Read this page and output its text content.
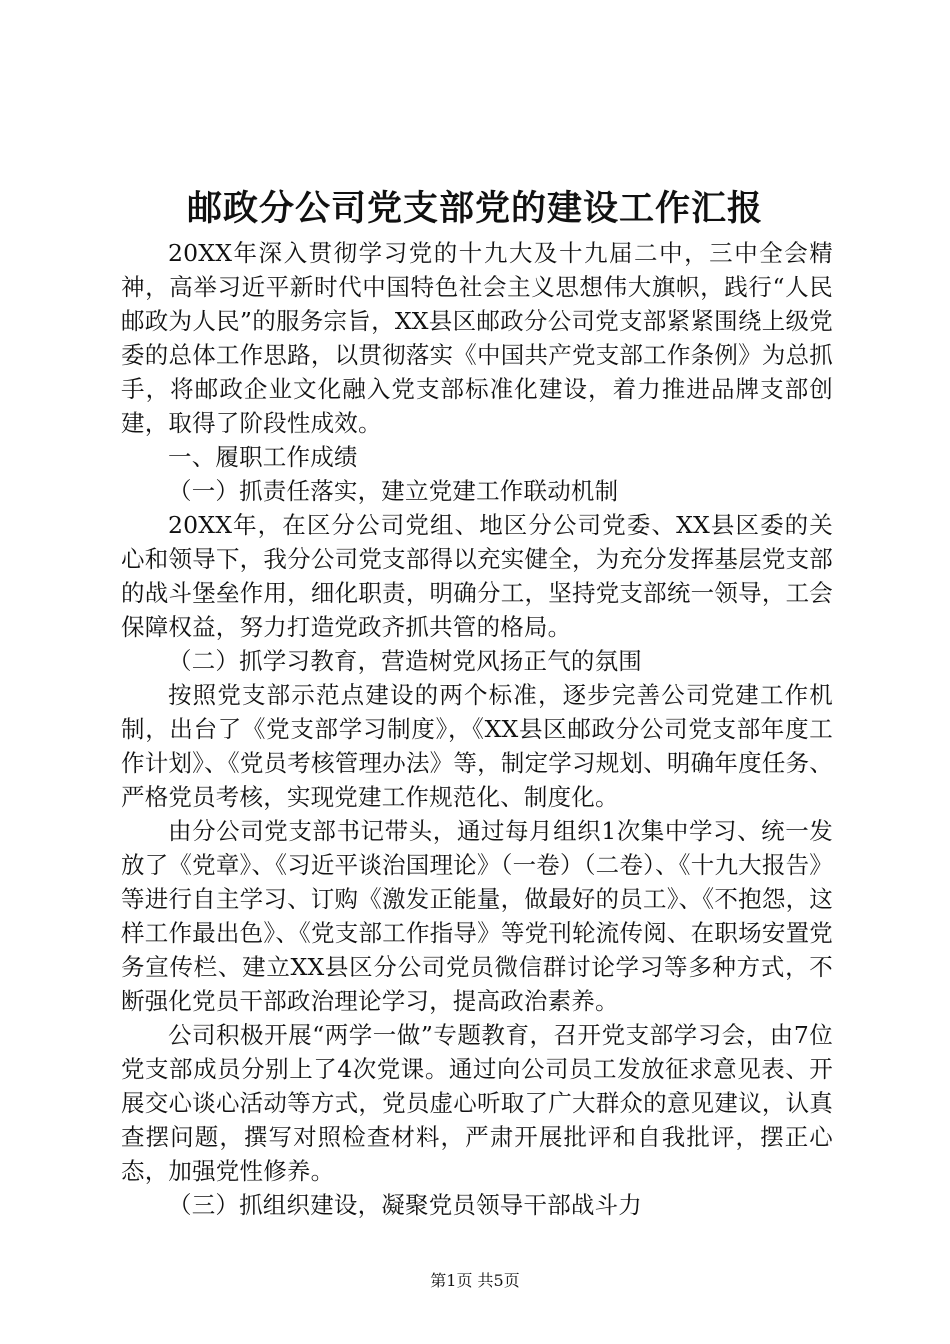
邮政分公司党支部党的建设工作汇报

20XX年深入贯彻学习党的十九大及十九届二中，三中全会精神，高举习近平新时代中国特色社会主义思想伟大旗帜，践行“人民邮政为人民”的服务宗旨，XX县区邮政分公司党支部紧紧围绕上级党委的总体工作思路，以贯彻落实《中国共产党支部工作条例》为总抓手，将邮政企业文化融入党支部标准化建设，着力推进品牌支部创建，取得了阶段性成效。

一、履职工作成绩

（一）抓责任落实，建立党建工作联动机制

20XX年，在区分公司党组、地区分公司党委、XX县区委的关心和领导下，我分公司党支部得以充实健全，为充分发挥基层党支部的战斗堡垒作用，细化职责，明确分工，坚持党支部统一领导，工会保障权益，努力打造党政齐抓共管的格局。

（二）抓学习教育，营造树党风扬正气的氛围

按照党支部示范点建设的两个标准，逐步完善公司党建工作机制，出台了《党支部学习制度》，《XX县区邮政分公司党支部年度工作计划》、《党员考核管理办法》等，制定学习规划、明确年度任务、严格党员考核，实现党建工作规范化、制度化。

由分公司党支部书记带头，通过每月组织1次集中学习、统一发放了《党章》、《习近平谈治国理论》（一卷）（二卷）、《十九大报告》等进行自主学习、订购《激发正能量，做最好的员工》、《不抱怨，这样工作最出色》、《党支部工作指导》等党刊轮流传阅、在职场安置党务宣传栏、建立XX县区分公司党员微信群讨论学习等多种方式，不断强化党员干部政治理论学习，提高政治素养。

公司积极开展“两学一做”专题教育，召开党支部学习会，由7位党支部成员分别上了4次党课。通过向公司员工发放征求意见表、开展交心谈心活动等方式，党员虚心听取了广大群众的意见建议，认真查摆问题，撰写对照检查材料，严肃开展批评和自我批评，摆正心态，加强党性修养。

（三）抓组织建设，凝聚党员领导干部战斗力

第1页 共5页
